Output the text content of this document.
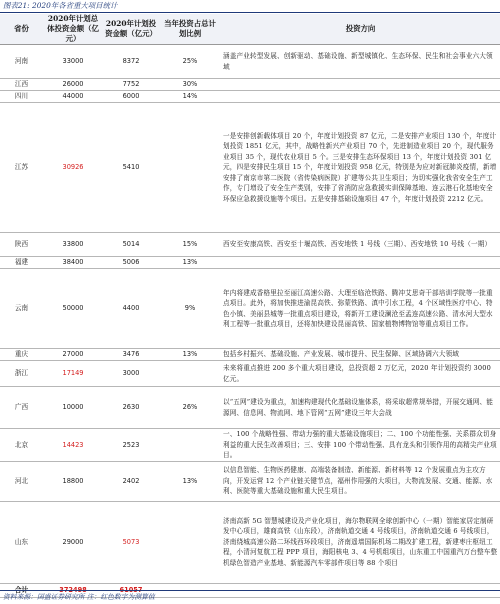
图表21: 2020年各省重大项目统计
省份	2020年计划总体投资金额（亿元）	2020年计划投资金额（亿元）	当年投资占总计划比例	投资方向
河南	33000	8372	25%	涵盖产业转型发展、创新驱动、基础设施、新型城镇化、生态环保、民生和社会事业六大领域
江西	26000	7752	30%	
四川	44000	6000	14%	
江苏	30926	5410		一是安排创新载体项目 20 个，年度计划投资 87 亿元，二是安排产业项目 130 个，年度计划投资 1851 亿元，其中，战略性新兴产业项目 70 个，先进制造业项目 20 个，现代服务业项目 35 个，现代农业项目 5 个。三是安排生态环保项目 13 个，年度计划投资 301 亿元，四是安排民生项目 15 个，年度计划投资 958 亿元，特别是为应对新冠肺炎疫情，新增安排了南京市第二医院（省传染病医院）扩建等公共卫生项目；为切实强化我省安全生产工作，专门增设了安全生产类别，安排了省消防应急救援实训保障基地、连云港石化基地安全环保应急救援设施等个项目。五是安排基础设施项目 47 个，年度计划投资 2212 亿元。
陕西	33800	5014	15%	西安至安康高铁、西安至十堰高铁、西安地铁 1 号线（三期）、西安地铁 10 号线（一期）
福建	38400	5006	13%	
云南	50000	4400	9%	年内将建成香格里拉至丽江高速公路、大理至临沧铁路、腾冲艾思奇干部培训学院等一批重点项目。此外，将加快推进渝昆高铁、弥蒙铁路、滇中引水工程，4 个区域性医疗中心、特色小镇、美丽县城等一批重点项目建设，将新开工建设澜沧至孟连高速公路、清水河大型水利工程等一批重点项目，还将加快建设昆丽高铁、国家植物博物馆等重点项目工作。
重庆	27000	3476	13%	包括乡村振兴、基础设施、产业发展、城市提升、民生保障、区域协调六大领域
浙江	17149	3000		未来将重点推进 200 多个重大项目建设，总投资超 2 万亿元，2020 年计划投资约 3000 亿元。
广西	10000	2630	26%	以“五网”建设为重点，加速构建现代化基础设施体系，将采取超常规举措，开展交通网、能源网、信息网、物流网、地下管网“五网”建设三年大会战
北京	14423	2523		一、100 个战略性强、带动力强的重大基础设施项目；二、100 个功能性强、关系群众切身利益的重大民生改善项目；三、安排 100 个带动性强、具有龙头和引领作用的高精尖产业项目。
河北	18800	2402	13%	以信息智能、生物医药健康、高端装备制造、新能源、新材料等 12 个发展重点为主攻方向，开发运营 12 个产业链关键节点，福州作用强的大项目，大物流发展、交通、能源、水利、医院等重大基础设施和重大民生项目。
山东	29000	5073		济南高新 5G 智慧城建设及产业化项目，海尔物联网全球创新中心（一期）智能家居定制研发中心项目，雄商高铁（山东段），济南轨道交通 4 号线项目，济南轨道交通 6 号线项目，济南绕城高速公路二环线西环段项目，济南遥墙国际机场二期改扩建工程，新建枣庄枢纽工程，小清河复航工程 PPP 项目，海阳核电 3、4 号机组项目，山东重工中国重汽万台整车整机绿色智造产业基地、新能源汽车零部件项目等 88 个项目
合计	372498	61057		
资料来源：国盛证券研究所 注：红色数字为测算值
